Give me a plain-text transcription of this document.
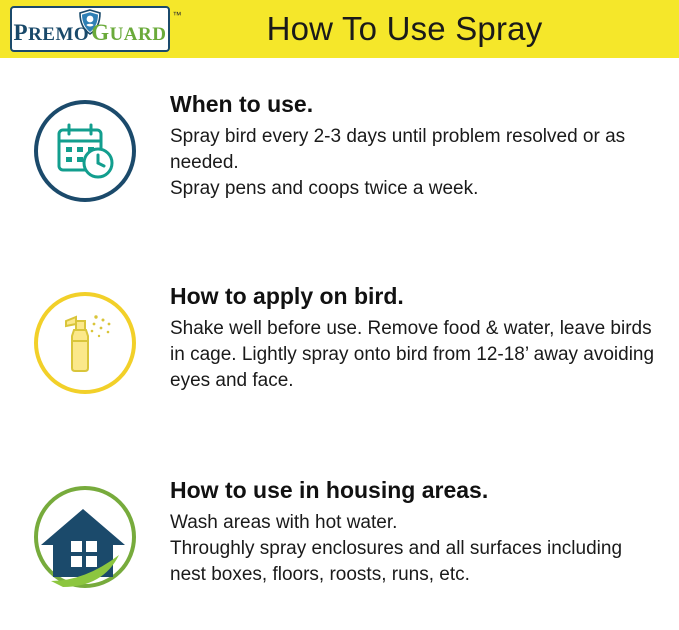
PREMO GUARD
™	How To Use Spray
When to use.
Spray bird every 2-3 days until problem resolved or as needed.
Spray pens and coops twice a week.
How to apply on bird.
Shake well before use. Remove food & water, leave birds in cage. Lightly spray onto bird from 12-18’ away avoiding eyes and face.
How to use in housing areas.
Wash areas with hot water.
Throughly spray enclosures and all surfaces including nest boxes, floors, roosts, runs, etc.
